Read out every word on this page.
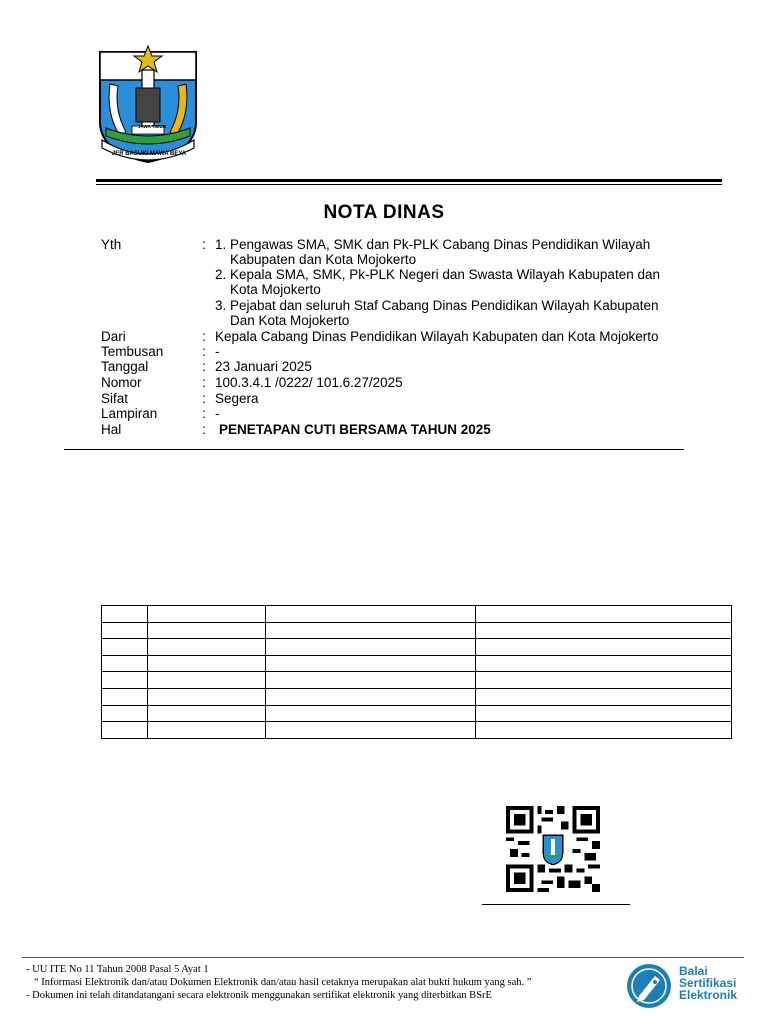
JAWA TIMUR
JER BASUKI MAWA BEYA
NOTA DINAS
Yth	: 1. Pengawas SMA, SMK dan Pk-PLK Cabang Dinas Pendidikan Wilayah
Kabupaten dan Kota Mojokerto
2. Kepala SMA, SMK, Pk-PLK Negeri dan Swasta Wilayah Kabupaten dan
Kota Mojokerto
3. Pejabat dan seluruh Staf Cabang Dinas Pendidikan Wilayah Kabupaten
Dan Kota Mojokerto
Dari	: Kepala Cabang Dinas Pendidikan Wilayah Kabupaten dan Kota Mojokerto
Tembusan	: -
Tanggal	: 23 Januari 2025
Nomor	: 100.3.4.1 /0222/ 101.6.27/2025
Sifat	: Segera
Lampiran	: -
Hal	: PENETAPAN CUTI BERSAMA TAHUN 2025

- UU ITE No 11 Tahun 2008 Pasal 5 Ayat 1
“ Informasi Elektronik dan/atau Dokumen Elektronik dan/atau hasil cetaknya merupakan alat bukti hukum yang sah. ”
- Dokumen ini telah ditandatangani secara elektronik menggunakan sertifikat elektronik yang diterbitkan BSrE
Balai
Sertifikasi
Elektronik
